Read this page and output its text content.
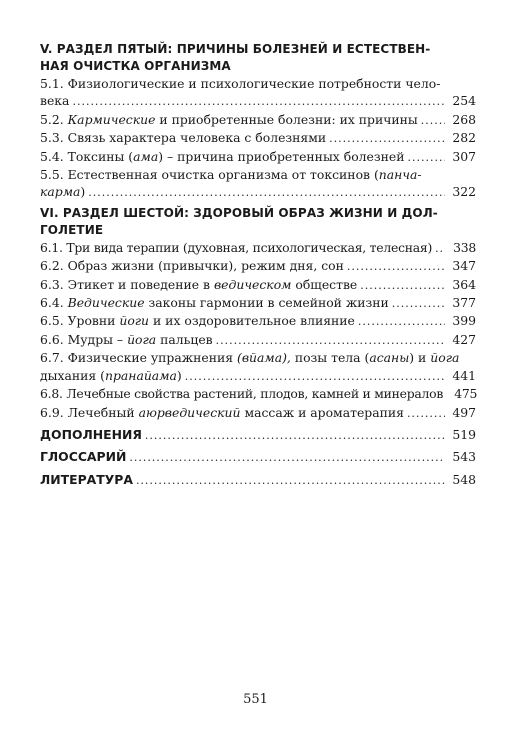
V. РАЗДЕЛ ПЯТЫЙ: ПРИЧИНЫ БОЛЕЗНЕЙ И ЕСТЕСТВЕН-
НАЯ ОЧИСТКА ОРГАНИЗМА
5.1. Физиологические и психологические потребности чело-
века .....	254
5.2. Кармические и приобретенные болезни: их причины .....	268
5.3. Связь характера человека с болезнями .....	282
5.4. Токсины (ама) – причина приобретенных болезней .....	307
5.5. Естественная очистка организма от токсинов (панча-
карма) .....	322
VI. РАЗДЕЛ ШЕСТОЙ: ЗДОРОВЫЙ ОБРАЗ ЖИЗНИ И ДОЛ-
ГОЛЕТИЕ
6.1. Три вида терапии (духовная, психологическая, телесная) .....	338
6.2. Образ жизни (привычки), режим дня, сон .....	347
6.3. Этикет и поведение в ведическом обществе .....	364
6.4. Ведические законы гармонии в семейной жизни .....	377
6.5. Уровни йоги и их оздоровительное влияние .....	399
6.6. Мудры – йога пальцев .....	427
6.7. Физические упражнения (вйама), позы тела (асаны) и йога
дыхания (пранайама) .....	441
6.8. Лечебные свойства растений, плодов, камней и минералов 475
6.9. Лечебный аюрведический массаж и ароматерапия .....	497
ДОПОЛНЕНИЯ .....	519
ГЛОССАРИЙ .....	543
ЛИТЕРАТУРА .....	548
551
